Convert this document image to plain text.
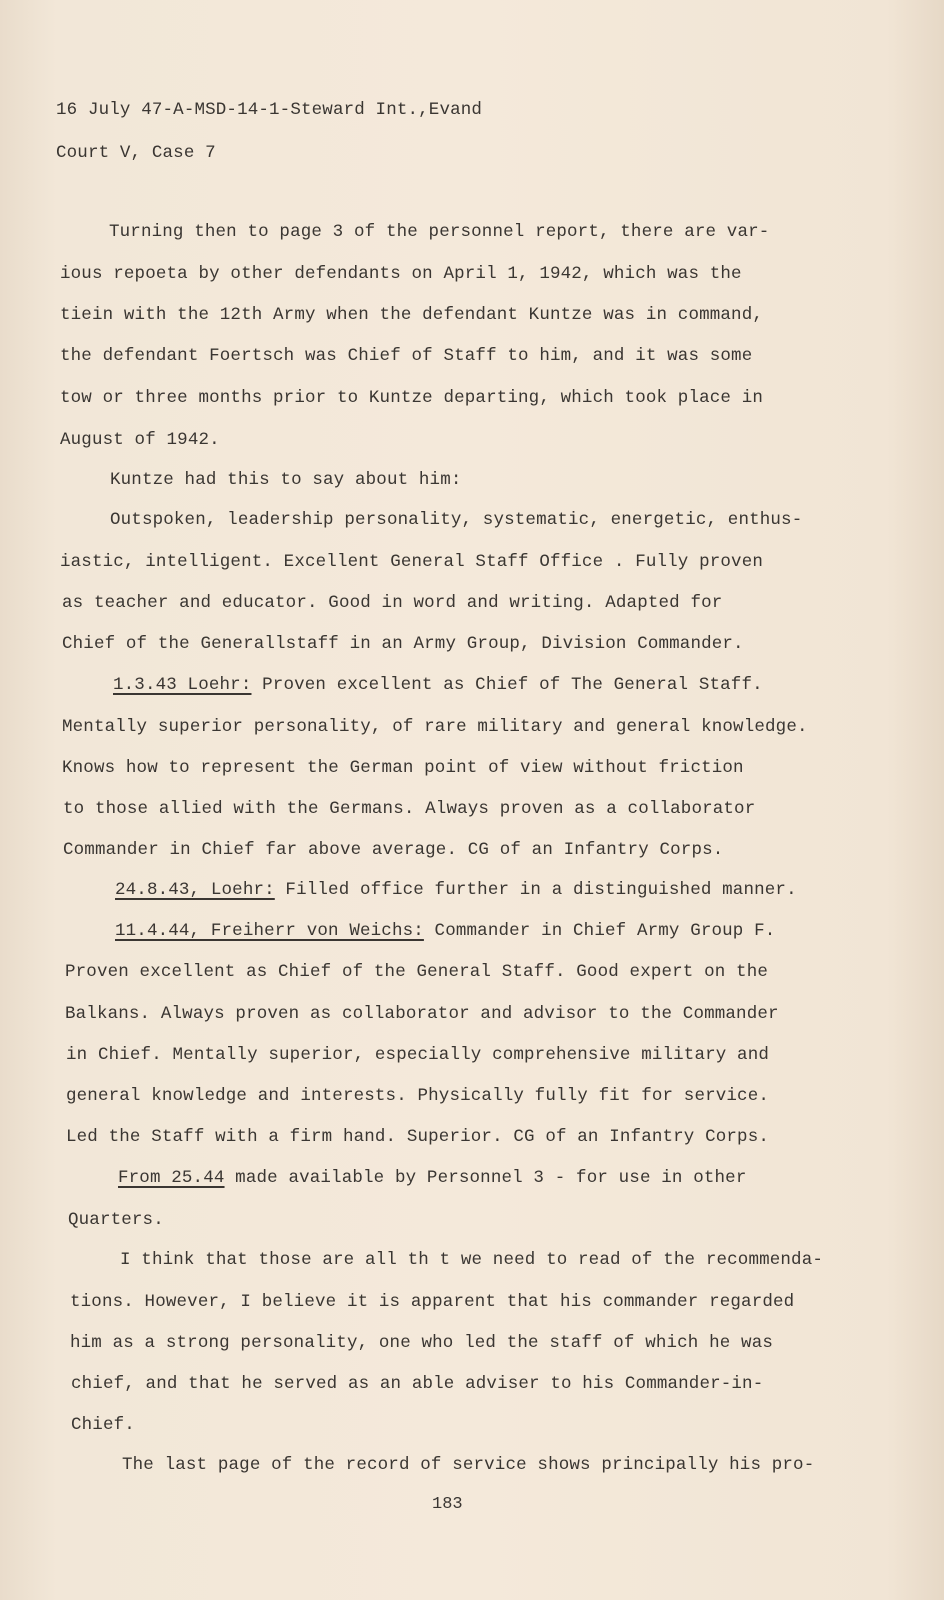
16 July 47-A-MSD-14-1-Steward Int.,Evand
Court V, Case 7
Turning then to page 3 of the personnel report, there are var-
ious repoeta by other defendants on April 1, 1942, which was the
tiein with the 12th Army when the defendant Kuntze was in command,
the defendant Foertsch was Chief of Staff to him, and it was some
tow or three months prior to Kuntze departing, which took place in
August of 1942.
Kuntze had this to say about him:
Outspoken, leadership personality, systematic, energetic, enthus-
iastic, intelligent. Excellent General Staff Office . Fully proven
as teacher and educator. Good in word and writing. Adapted for
Chief of the Generallstaff in an Army Group, Division Commander.
1.3.43 Loehr: Proven excellent as Chief of The General Staff.
Mentally superior personality, of rare military and general knowledge.
Knows how to represent the German point of view without friction
to those allied with the Germans. Always proven as a collaborator
Commander in Chief far above average. CG of an Infantry Corps.
24.8.43, Loehr: Filled office further in a distinguished manner.
11.4.44, Freiherr von Weichs: Commander in Chief Army Group F.
Proven excellent as Chief of the General Staff. Good expert on the
Balkans. Always proven as collaborator and advisor to the Commander
in Chief. Mentally superior, especially comprehensive military and
general knowledge and interests. Physically fully fit for service.
Led the Staff with a firm hand. Superior. CG of an Infantry Corps.
From 25.44 made available by Personnel 3 - for use in other
Quarters.
I think that those are all th t we need to read of the recommenda-
tions. However, I believe it is apparent that his commander regarded
him as a strong personality, one who led the staff of which he was
chief, and that he served as an able adviser to his Commander-in-
Chief.
The last page of the record of service shows principally his pro-
183
